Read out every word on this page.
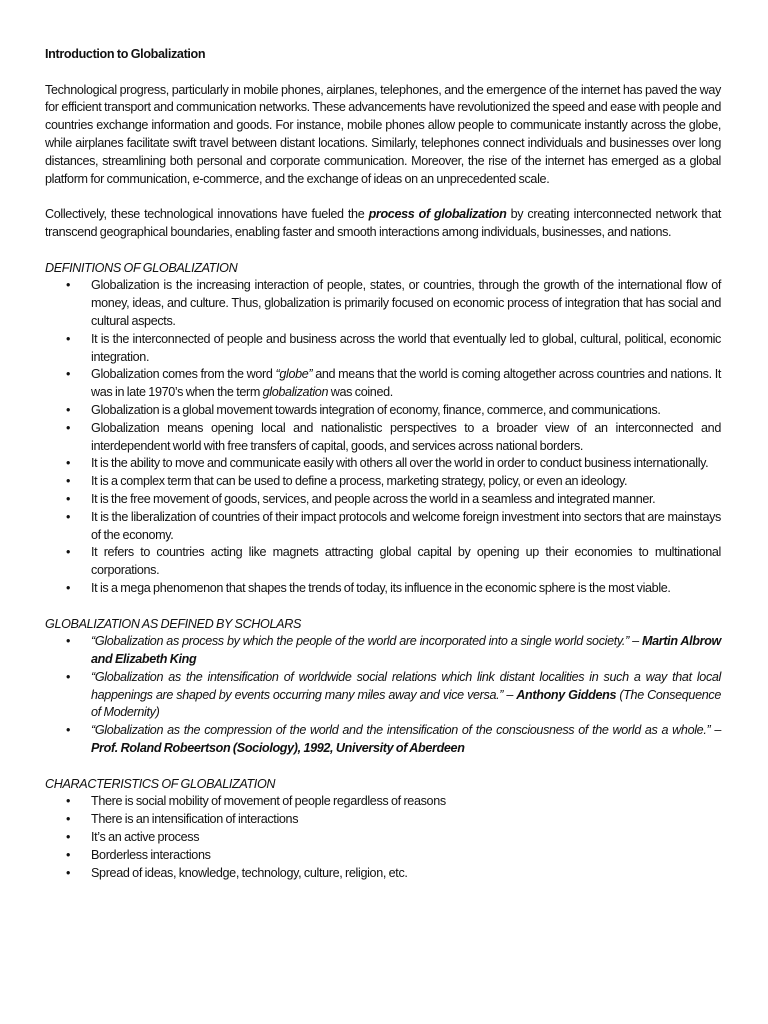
Introduction to Globalization

Technological progress, particularly in mobile phones, airplanes, telephones, and the emergence of the internet has paved the way for efficient transport and communication networks. These advancements have revolutionized the speed and ease with people and countries exchange information and goods. For instance, mobile phones allow people to communicate instantly across the globe, while airplanes facilitate swift travel between distant locations. Similarly, telephones connect individuals and businesses over long distances, streamlining both personal and corporate communication. Moreover, the rise of the internet has emerged as a global platform for communication, e-commerce, and the exchange of ideas on an unprecedented scale.

Collectively, these technological innovations have fueled the process of globalization by creating interconnected network that transcend geographical boundaries, enabling faster and smooth interactions among individuals, businesses, and nations.

DEFINITIONS OF GLOBALIZATION
• Globalization is the increasing interaction of people, states, or countries, through the growth of the international flow of money, ideas, and culture. Thus, globalization is primarily focused on economic process of integration that has social and cultural aspects.
• It is the interconnected of people and business across the world that eventually led to global, cultural, political, economic integration.
• Globalization comes from the word “globe” and means that the world is coming altogether across countries and nations. It was in late 1970’s when the term globalization was coined.
• Globalization is a global movement towards integration of economy, finance, commerce, and communications.
• Globalization means opening local and nationalistic perspectives to a broader view of an interconnected and interdependent world with free transfers of capital, goods, and services across national borders.
• It is the ability to move and communicate easily with others all over the world in order to conduct business internationally.
• It is a complex term that can be used to define a process, marketing strategy, policy, or even an ideology.
• It is the free movement of goods, services, and people across the world in a seamless and integrated manner.
• It is the liberalization of countries of their impact protocols and welcome foreign investment into sectors that are mainstays of the economy.
• It refers to countries acting like magnets attracting global capital by opening up their economies to multinational corporations.
• It is a mega phenomenon that shapes the trends of today, its influence in the economic sphere is the most viable.
GLOBALIZATION AS DEFINED BY SCHOLARS
• “Globalization as process by which the people of the world are incorporated into a single world society.” – Martin Albrow and Elizabeth King
• “Globalization as the intensification of worldwide social relations which link distant localities in such a way that local happenings are shaped by events occurring many miles away and vice versa.” – Anthony Giddens (The Consequence of Modernity)
• “Globalization as the compression of the world and the intensification of the consciousness of the world as a whole.” – Prof. Roland Robeertson (Sociology), 1992, University of Aberdeen
CHARACTERISTICS OF GLOBALIZATION
• There is social mobility of movement of people regardless of reasons
• There is an intensification of interactions
• It’s an active process
• Borderless interactions
• Spread of ideas, knowledge, technology, culture, religion, etc.
